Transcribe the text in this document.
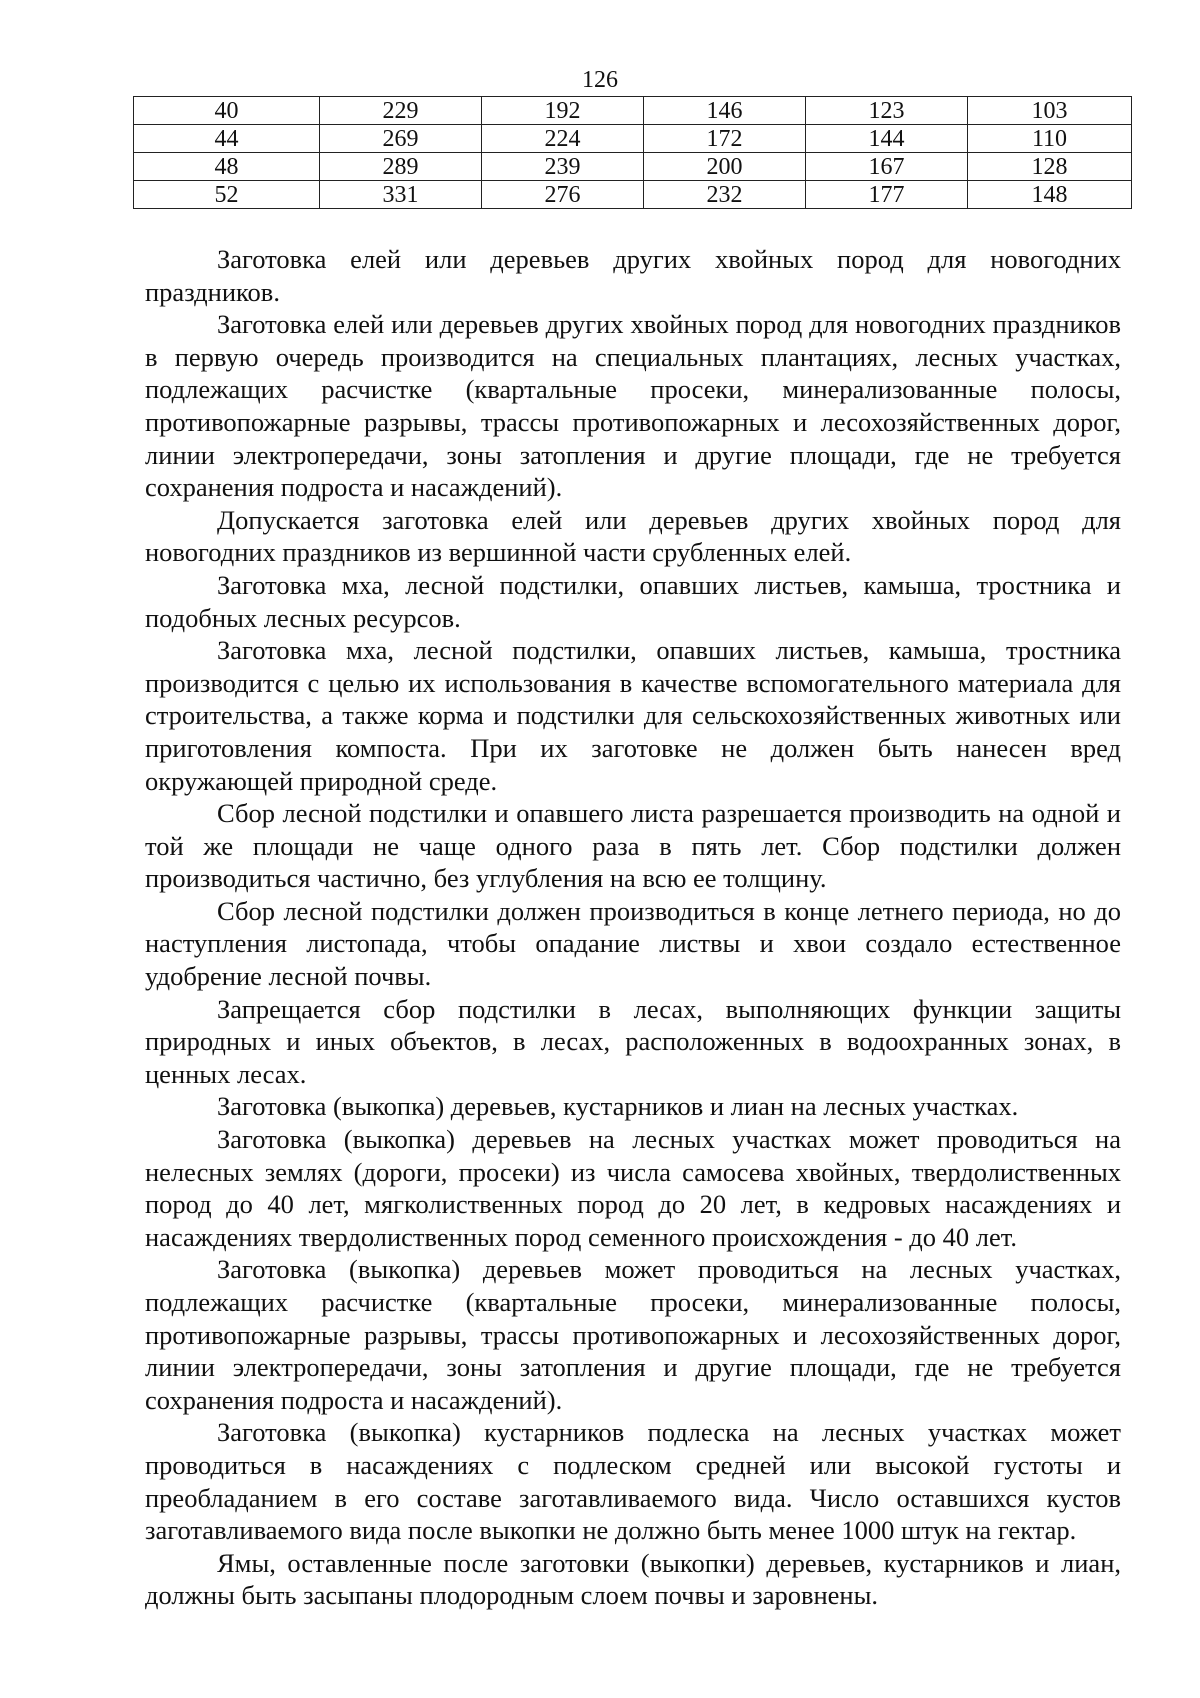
126
40	229	192	146	123	103
44	269	224	172	144	110
48	289	239	200	167	128
52	331	276	232	177	148

Заготовка елей или деревьев других хвойных пород для новогодних праздников.

Заготовка елей или деревьев других хвойных пород для новогодних праздников в первую очередь производится на специальных плантациях, лесных участках, подлежащих расчистке (квартальные просеки, минерализованные полосы, противопожарные разрывы, трассы противопожарных и лесохозяйственных дорог, линии электропередачи, зоны затопления и другие площади, где не требуется сохранения подроста и насаждений).

Допускается заготовка елей или деревьев других хвойных пород для новогодних праздников из вершинной части срубленных елей.

Заготовка мха, лесной подстилки, опавших листьев, камыша, тростника и подобных лесных ресурсов.

Заготовка мха, лесной подстилки, опавших листьев, камыша, тростника производится с целью их использования в качестве вспомогательного материала для строительства, а также корма и подстилки для сельскохозяйственных животных или приготовления компоста. При их заготовке не должен быть нанесен вред окружающей природной среде.

Сбор лесной подстилки и опавшего листа разрешается производить на одной и той же площади не чаще одного раза в пять лет. Сбор подстилки должен производиться частично, без углубления на всю ее толщину.

Сбор лесной подстилки должен производиться в конце летнего периода, но до наступления листопада, чтобы опадание листвы и хвои создало естественное удобрение лесной почвы.

Запрещается сбор подстилки в лесах, выполняющих функции защиты природных и иных объектов, в лесах, расположенных в водоохранных зонах, в ценных лесах.

Заготовка (выкопка) деревьев, кустарников и лиан на лесных участках.

Заготовка (выкопка) деревьев на лесных участках может проводиться на нелесных землях (дороги, просеки) из числа самосева хвойных, твердолиственных пород до 40 лет, мягколиственных пород до 20 лет, в кедровых насаждениях и насаждениях твердолиственных пород семенного происхождения - до 40 лет.

Заготовка (выкопка) деревьев может проводиться на лесных участках, подлежащих расчистке (квартальные просеки, минерализованные полосы, противопожарные разрывы, трассы противопожарных и лесохозяйственных дорог, линии электропередачи, зоны затопления и другие площади, где не требуется сохранения подроста и насаждений).

Заготовка (выкопка) кустарников подлеска на лесных участках может проводиться в насаждениях с подлеском средней или высокой густоты и преобладанием в его составе заготавливаемого вида. Число оставшихся кустов заготавливаемого вида после выкопки не должно быть менее 1000 штук на гектар.

Ямы, оставленные после заготовки (выкопки) деревьев, кустарников и лиан, должны быть засыпаны плодородным слоем почвы и заровнены.
